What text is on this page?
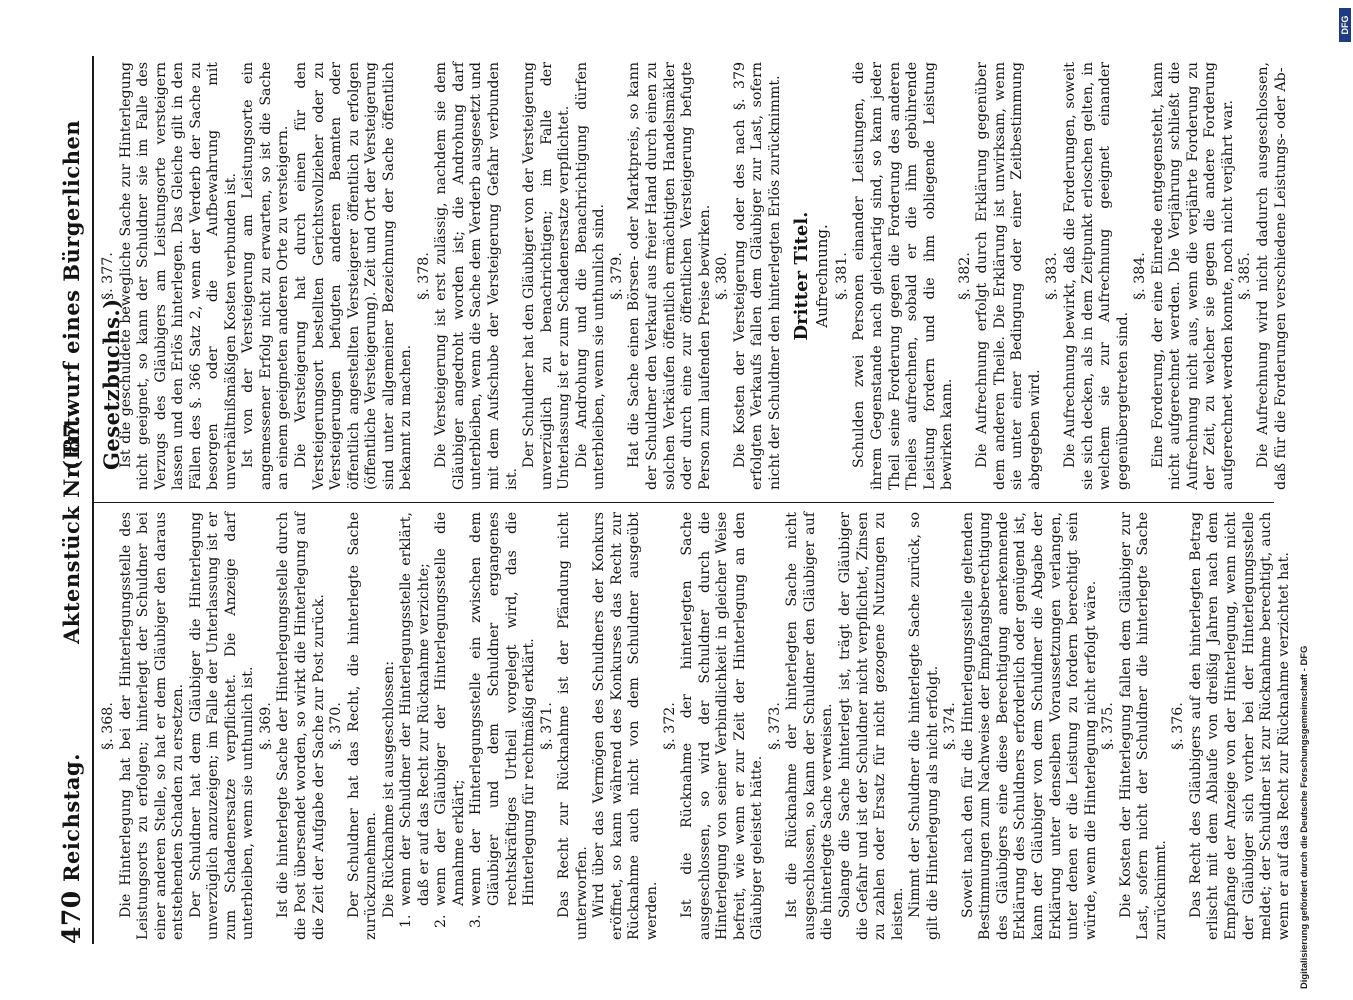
470
Reichstag.
Aktenstück Nr. 87.
(Entwurf eines Bürgerlichen Gesetzbuchs.)
§. 368. Die Hinterlegung hat bei der Hinterlegungsstelle des Leistungsorts zu erfolgen; hinterlegt der Schuldner bei einer anderen Stelle, so hat er dem Gläubiger den daraus entstehenden Schaden zu ersetzen. Der Schuldner hat dem Gläubiger die Hinterlegung unverzüglich anzuzeigen; im Falle der Unterlassung ist er zum Schadenersatze verpflichtet. Die Anzeige darf unterbleiben, wenn sie unthunlich ist. §. 369. Ist die hinterlegte Sache der Hinterlegungsstelle durch die Post übersendet worden, so wirkt die Hinterlegung auf die Zeit der Aufgabe der Sache zur Post zurück. §. 370. Der Schuldner hat das Recht, die hinterlegte Sache zurückzunehmen. Die Rücknahme ist ausgeschlossen: 1. wenn der Schuldner der Hinterlegungsstelle erklärt, daß er auf das Recht zur Rücknahme verzichte; 2. wenn der Gläubiger der Hinterlegungsstelle die Annahme erklärt; 3. wenn der Hinterlegungsstelle ein zwischen dem Gläubiger und dem Schuldner ergangenes rechtskräftiges Urtheil vorgelegt wird, das die Hinterlegung für rechtmäßig erklärt. §. 371. Das Recht zur Rücknahme ist der Pfändung nicht unterworfen. Wird über das Vermögen des Schuldners der Konkurs eröffnet, so kann während des Konkurses das Recht zur Rücknahme auch nicht von dem Schuldner ausgeübt werden.

§. 372. Ist die Rücknahme der hinterlegten Sache ausgeschlossen, so wird der Schuldner durch die Hinterlegung von seiner Verbindlichkeit in gleicher Weise befreit, wie wenn er zur Zeit der Hinterlegung an den Gläubiger geleistet hätte.

§. 373. Ist die Rücknahme der hinterlegten Sache nicht ausgeschlossen, so kann der Schuldner den Gläubiger auf die hinterlegte Sache verweisen. Solange die Sache hinterlegt ist, trägt der Gläubiger die Gefahr und ist der Schuldner nicht verpflichtet, Zinsen zu zahlen oder Ersatz für nicht gezogene Nutzungen zu leisten. Nimmt der Schuldner die hinterlegte Sache zurück, so gilt die Hinterlegung als nicht erfolgt. §. 374. Soweit nach den für die Hinterlegungsstelle geltenden Bestimmungen zum Nachweise der Empfangsberechtigung des Gläubigers eine diese Berechtigung anerkennende Erklärung des Schuldners erforderlich oder genügend ist, kann der Gläubiger von dem Schuldner die Abgabe der Erklärung unter denselben Voraussetzungen verlangen, unter denen er die Leistung zu fordern berechtigt sein würde, wenn die Hinterlegung nicht erfolgt wäre. §. 375. Die Kosten der Hinterlegung fallen dem Gläubiger zur Last, sofern nicht der Schuldner die hinterlegte Sache zurücknimmt.

§. 376. Das Recht des Gläubigers auf den hinterlegten Betrag erlischt mit dem Ablaufe von dreißig Jahren nach dem Empfange der Anzeige von der Hinterlegung, wenn nicht der Gläubiger sich vorher bei der Hinterlegungsstelle meldet; der Schuldner ist zur Rücknahme berechtigt, auch wenn er auf das Recht zur Rücknahme verzichtet hat.

§. 377. Ist die geschuldete bewegliche Sache zur Hinterlegung nicht geeignet, so kann der Schuldner sie im Falle des Verzugs des Gläubigers am Leistungsorte versteigern lassen und den Erlös hinterlegen. Das Gleiche gilt in den Fällen des §. 366 Satz 2, wenn der Verderb der Sache zu besorgen oder die Aufbewahrung mit unverhältnißmäßigen Kosten verbunden ist. Ist von der Versteigerung am Leistungsorte ein angemessener Erfolg nicht zu erwarten, so ist die Sache an einem geeigneten anderen Orte zu versteigern. Die Versteigerung hat durch einen für den Versteigerungsort bestellten Gerichtsvollzieher oder zu Versteigerungen befugten anderen Beamten oder öffentlich angestellten Versteigerer öffentlich zu erfolgen (öffentliche Versteigerung). Zeit und Ort der Versteigerung sind unter allgemeiner Bezeichnung der Sache öffentlich bekannt zu machen.

§. 378. Die Versteigerung ist erst zulässig, nachdem sie dem Gläubiger angedroht worden ist; die Androhung darf unterbleiben, wenn die Sache dem Verderb ausgesetzt und mit dem Aufschube der Versteigerung Gefahr verbunden ist.

Der Schuldner hat den Gläubiger von der Versteigerung unverzüglich zu benachrichtigen; im Falle der Unterlassung ist er zum Schadenersatze verpflichtet. Die Androhung und die Benachrichtigung dürfen unterbleiben, wenn sie unthunlich sind. §. 379. Hat die Sache einen Börsen- oder Marktpreis, so kann der Schuldner den Verkauf aus freier Hand durch einen zu solchen Verkäufen öffentlich ermächtigten Handelsmäkler oder durch eine zur öffentlichen Versteigerung befugte Person zum laufenden Preise bewirken. §. 380. Die Kosten der Versteigerung oder des nach §. 379 erfolgten Verkaufs fallen dem Gläubiger zur Last, sofern nicht der Schuldner den hinterlegten Erlös zurücknimmt. Dritter Titel. Aufrechnung. §. 381. Schulden zwei Personen einander Leistungen, die ihrem Gegenstande nach gleichartig sind, so kann jeder Theil seine Forderung gegen die Forderung des anderen Theiles aufrechnen, sobald er die ihm gebührende Leistung fordern und die ihm obliegende Leistung bewirken kann.

§. 382. Die Aufrechnung erfolgt durch Erklärung gegenüber dem anderen Theile. Die Erklärung ist unwirksam, wenn sie unter einer Bedingung oder einer Zeitbestimmung abgegeben wird.

§. 383. Die Aufrechnung bewirkt, daß die Forderungen, soweit sie sich decken, als in dem Zeitpunkt erloschen gelten, in welchem sie zur Aufrechnung geeignet einander gegenübergetreten sind.

§. 384. Eine Forderung, der eine Einrede entgegensteht, kann nicht aufgerechnet werden. Die Verjährung schließt die Aufrechnung nicht aus, wenn die verjährte Forderung zu der Zeit, zu welcher sie gegen die andere Forderung aufgerechnet werden konnte, noch nicht verjährt war. §. 385. Die Aufrechnung wird nicht dadurch ausgeschlossen, daß für die Forderungen verschiedene Leistungs- oder Ab-

Digitalisierung gefördert durch die Deutsche Forschungsgemeinschaft - DFG
DFG
